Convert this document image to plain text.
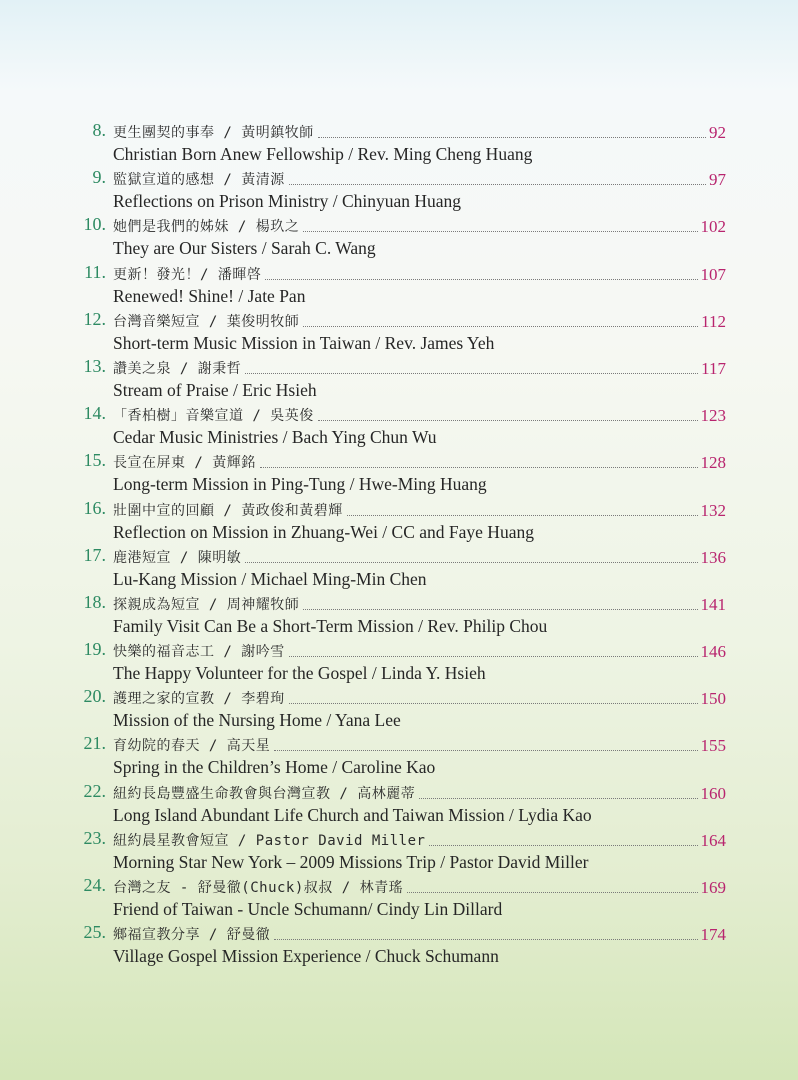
8. 更生團契的事奉 / 黃明鎮牧師	92
Christian Born Anew Fellowship / Rev. Ming Cheng Huang
9. 監獄宣道的感想 / 黃清源	97
Reflections on Prison Ministry / Chinyuan Huang
10. 她們是我們的姊妹 / 楊玖之	102
They are Our Sisters / Sarah C. Wang
11. 更新！發光！/ 潘暉啓	107
Renewed! Shine! / Jate Pan
12. 台灣音樂短宣 / 葉俊明牧師	112
Short-term Music Mission in Taiwan / Rev. James Yeh
13. 讚美之泉 / 謝秉哲	117
Stream of Praise / Eric Hsieh
14. 「香柏樹」音樂宣道 / 吳英俊	123
Cedar Music Ministries / Bach Ying Chun Wu
15. 長宣在屏東 / 黃輝銘	128
Long-term Mission in Ping-Tung / Hwe-Ming Huang
16. 壯圍中宣的回顧 / 黃政俊和黃碧輝	132
Reflection on Mission in Zhuang-Wei / CC and Faye Huang
17. 鹿港短宣 / 陳明敏	136
Lu-Kang Mission / Michael Ming-Min Chen
18. 探親成為短宣 / 周神耀牧師	141
Family Visit Can Be a Short-Term Mission / Rev. Philip Chou
19. 快樂的福音志工 / 謝吟雪	146
The Happy Volunteer for the Gospel / Linda Y. Hsieh
20. 護理之家的宣教 / 李碧珣	150
Mission of the Nursing Home / Yana Lee
21. 育幼院的春天 / 高天星	155
Spring in the Children’s Home / Caroline Kao
22. 紐約長島豐盛生命教會與台灣宣教 / 高林麗蒂	160
Long Island Abundant Life Church and Taiwan Mission / Lydia Kao
23. 紐約晨星教會短宣 / Pastor David Miller	164
Morning Star New York – 2009 Missions Trip / Pastor David Miller
24. 台灣之友 - 舒曼徹(Chuck)叔叔 / 林青瑤	169
Friend of Taiwan - Uncle Schumann/ Cindy Lin Dillard
25. 鄉福宣教分享 / 舒曼徹	174
Village Gospel Mission Experience / Chuck Schumann
